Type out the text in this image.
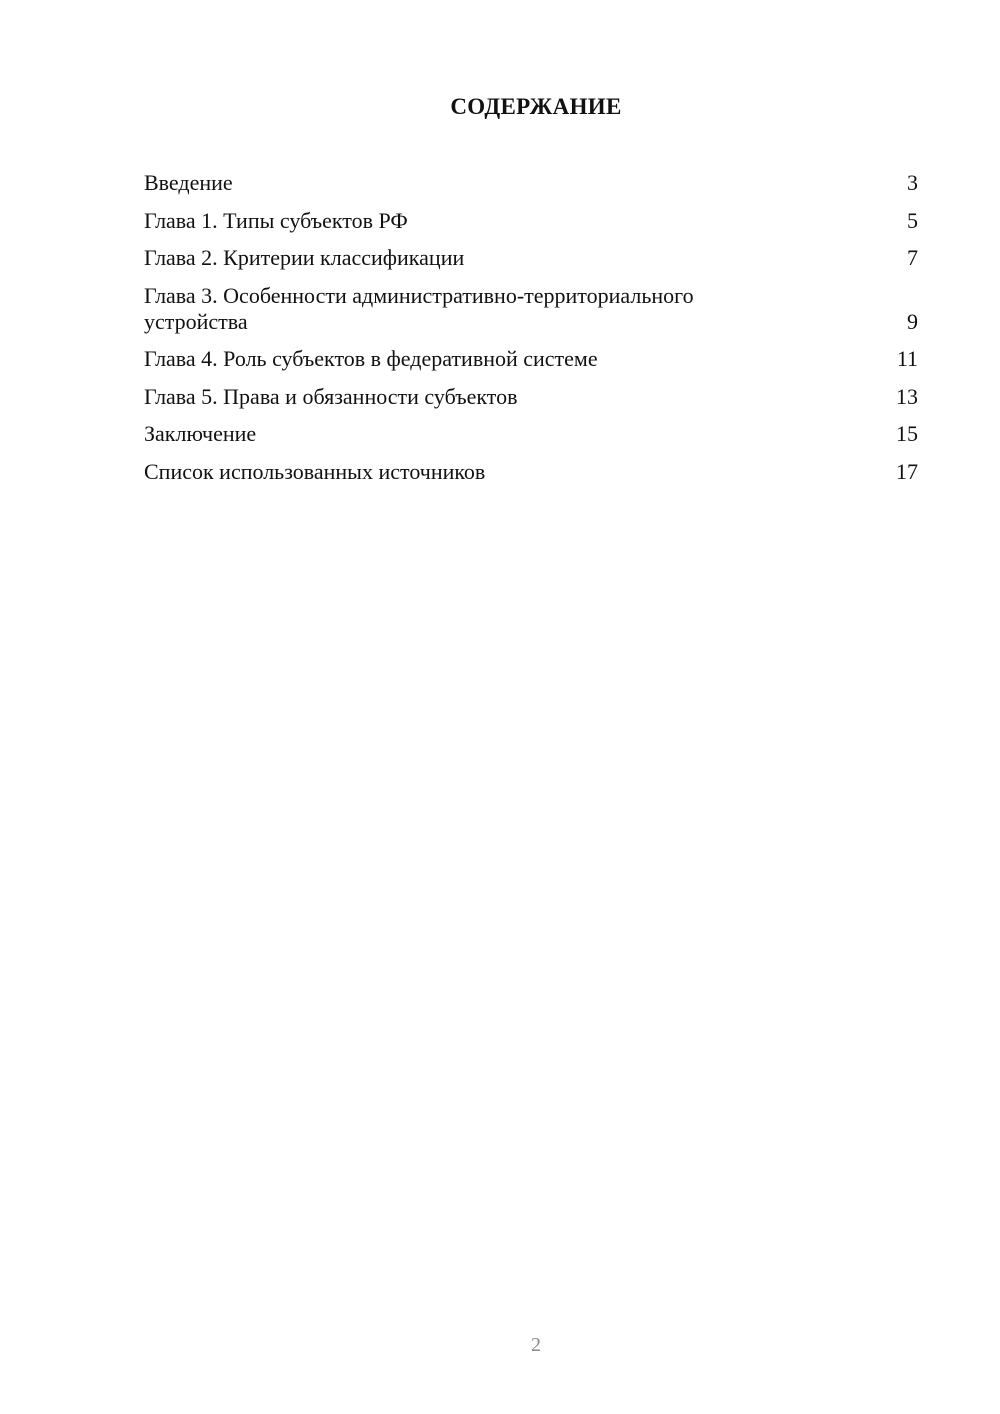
СОДЕРЖАНИЕ
Введение	3
Глава 1. Типы субъектов РФ	5
Глава 2. Критерии классификации	7
Глава 3. Особенности административно-территориального устройства	9
Глава 4. Роль субъектов в федеративной системе	11
Глава 5. Права и обязанности субъектов	13
Заключение	15
Список использованных источников	17
2
